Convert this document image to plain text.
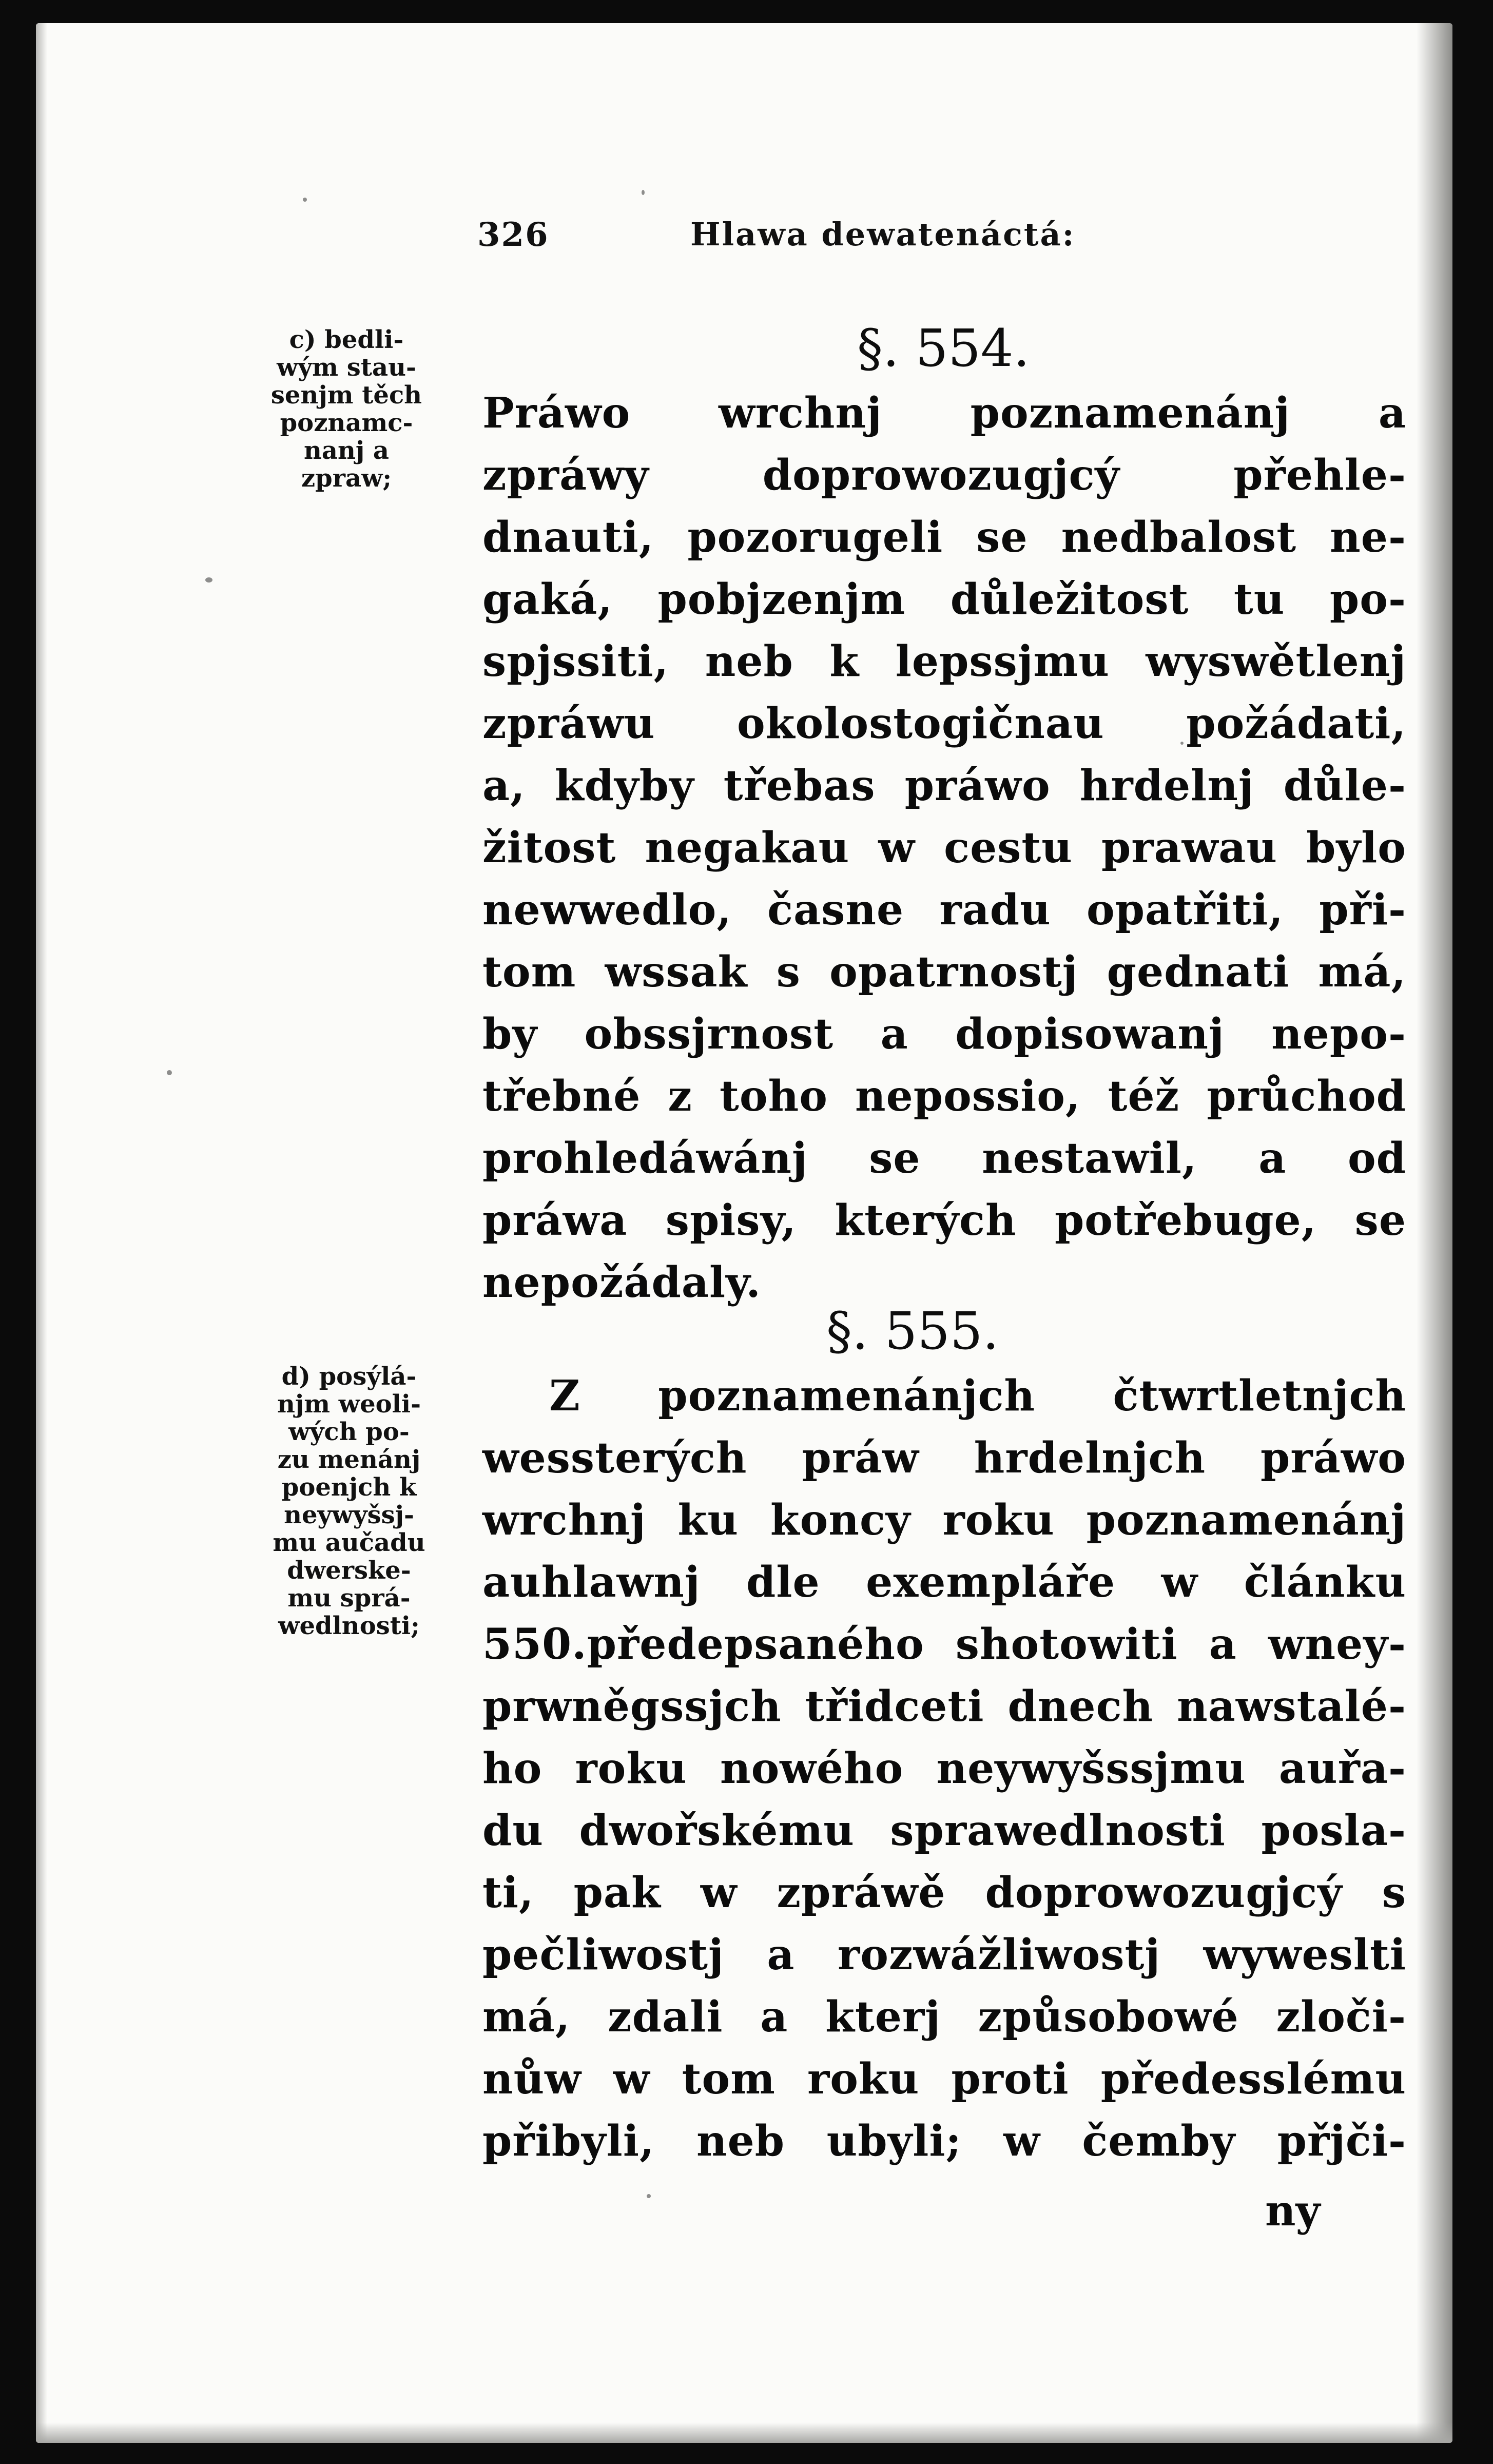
326	Hlawa dewatenáctá:
c) bedli-
wým stau-
senjm těch
poznamc-
nanj a
zpraw;
d) posýlá-
njm weoli-
wých po-
zu menánj
poenjch k
neywyšsj-
mu aučadu
dwerske-
mu sprá-
wedlnosti;
§. 554.
Práwo wrchnj poznamenánj a
zpráwy doprowozugjcý přehle-
dnauti, pozorugeli se nedbalost ne-
gaká, pobjzenjm důležitost tu po-
spjssiti, neb k lepssjmu wyswětlenj
zpráwu okolostogičnau požádati,
a, kdyby třebas práwo hrdelnj důle-
žitost negakau w cestu prawau bylo
newwedlo, časne radu opatřiti, při-
tom wssak s opatrnostj gednati má,
by obssjrnost a dopisowanj nepo-
třebné z toho nepossio, též průchod
prohledáwánj se nestawil, a od
práwa spisy, kterých potřebuge, se
nepožádaly.
§. 555.
Z poznamenánjch čtwrtletnjch
wessterých práw hrdelnjch práwo
wrchnj ku koncy roku poznamenánj
auhlawnj dle exempláře w článku
550.předepsaného shotowiti a wney-
prwněgssjch třidceti dnech nawstalé-
ho roku nowého neywyšssjmu auřa-
du dwořskému sprawedlnosti posla-
ti, pak w zpráwě doprowozugjcý s
pečliwostj a rozwážliwostj wyweslti
má, zdali a kterj způsobowé zloči-
nůw w tom roku proti předesslému
přibyli, neb ubyli; w čemby přjči-
ny
